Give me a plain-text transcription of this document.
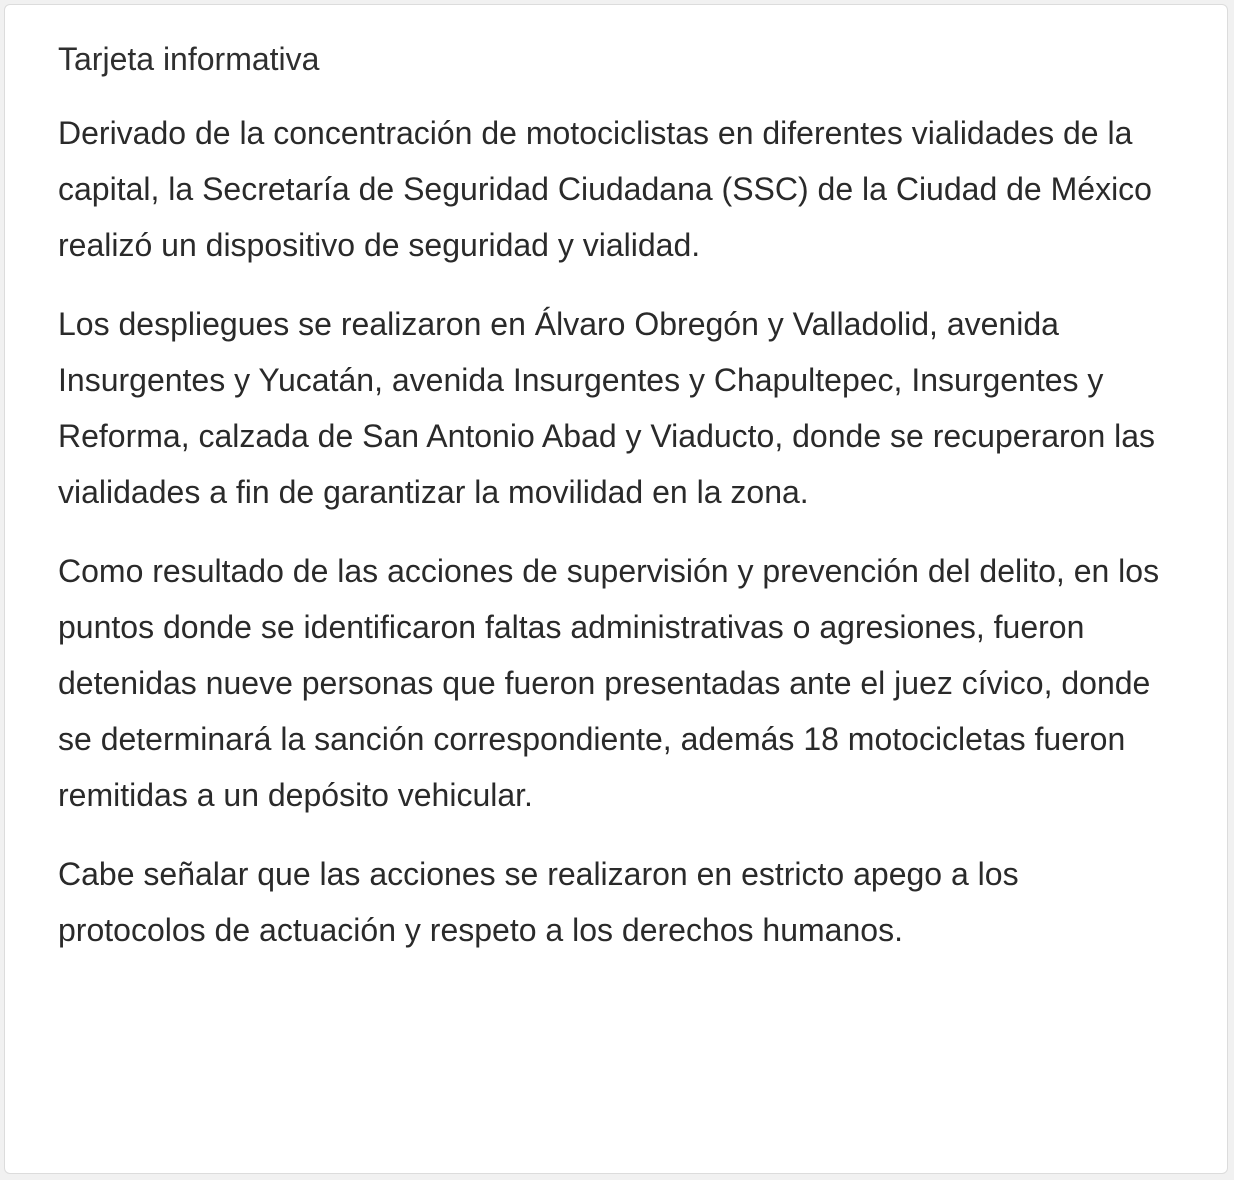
Tarjeta informativa

Derivado de la concentración de motociclistas en diferentes vialidades de la capital, la Secretaría de Seguridad Ciudadana (SSC) de la Ciudad de México realizó un dispositivo de seguridad y vialidad.

Los despliegues se realizaron en Álvaro Obregón y Valladolid, avenida Insurgentes y Yucatán, avenida Insurgentes y Chapultepec, Insurgentes y Reforma, calzada de San Antonio Abad y Viaducto, donde se recuperaron las vialidades a fin de garantizar la movilidad en la zona.

Como resultado de las acciones de supervisión y prevención del delito, en los puntos donde se identificaron faltas administrativas o agresiones, fueron detenidas nueve personas que fueron presentadas ante el juez cívico, donde se determinará la sanción correspondiente, además 18 motocicletas fueron remitidas a un depósito vehicular.

Cabe señalar que las acciones se realizaron en estricto apego a los protocolos de actuación y respeto a los derechos humanos.
